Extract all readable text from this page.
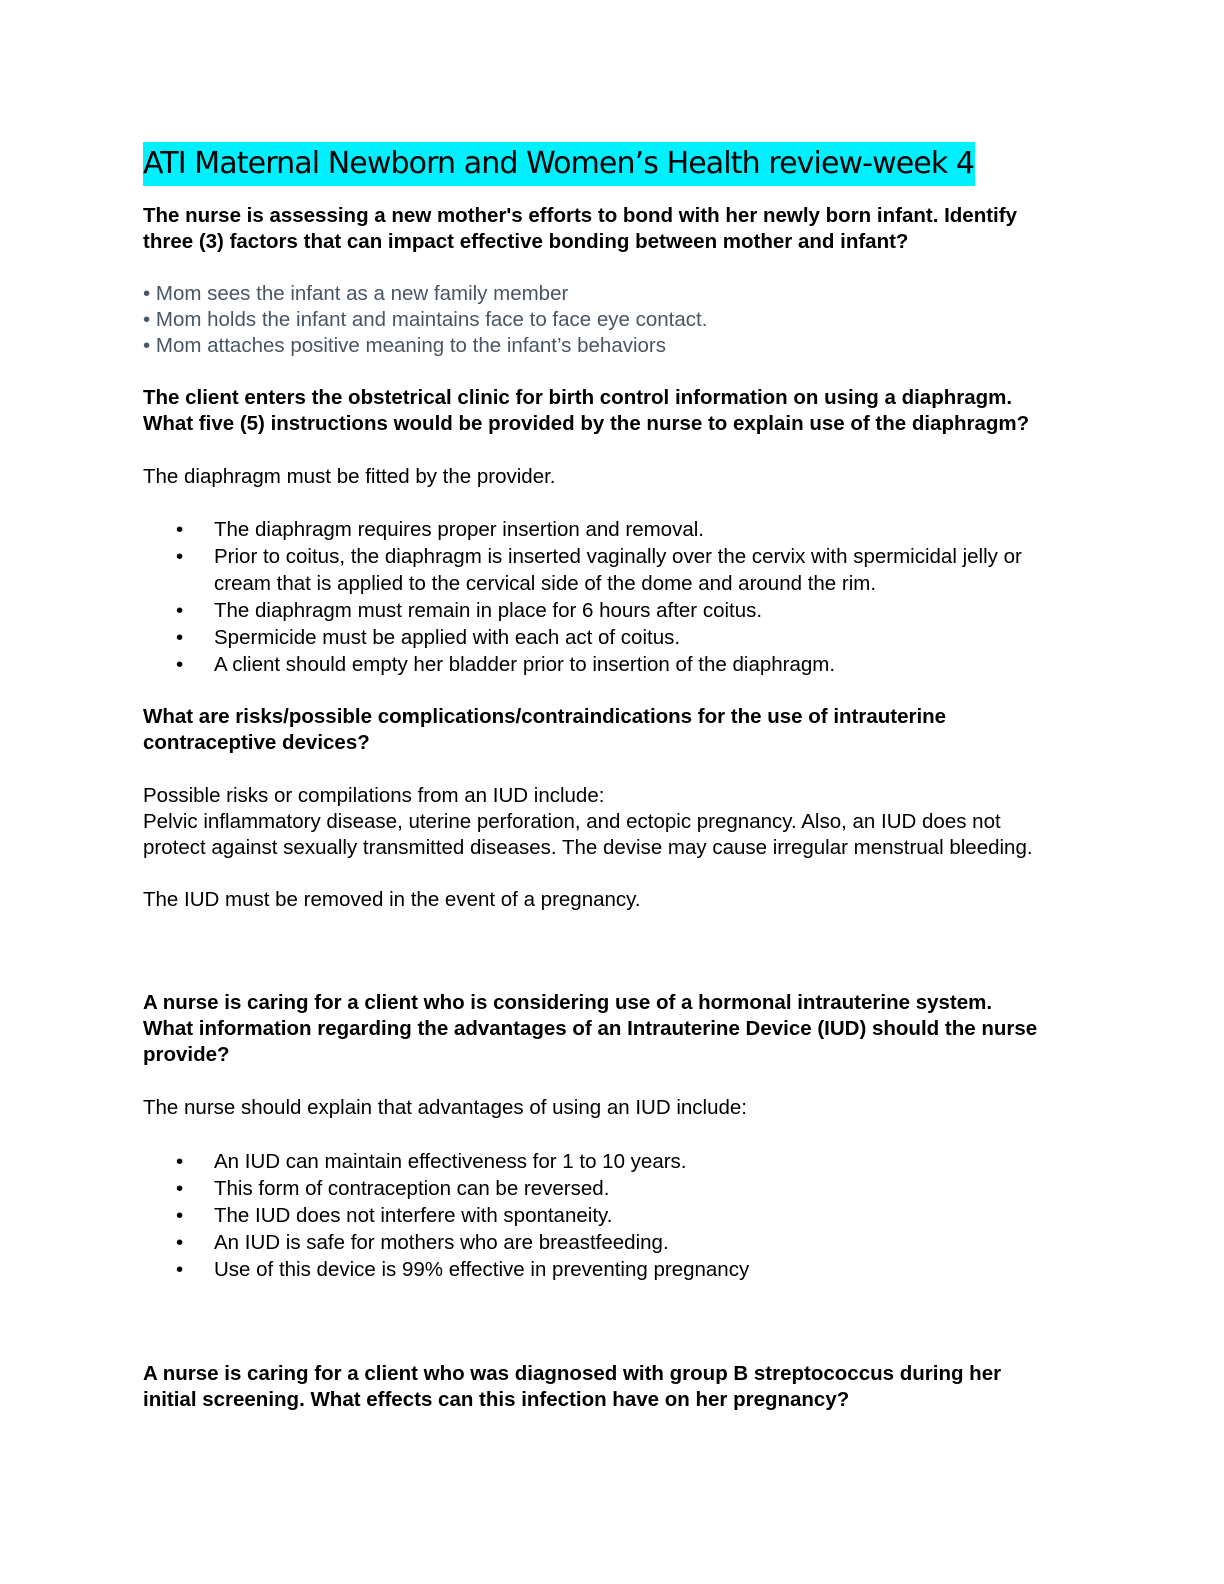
ATI Maternal Newborn and Women’s Health review-week 4

The nurse is assessing a new mother's efforts to bond with her newly born infant. Identify

three (3) factors that can impact effective bonding between mother and infant?

• Mom sees the infant as a new family member

• Mom holds the infant and maintains face to face eye contact.

• Mom attaches positive meaning to the infant’s behaviors

The client enters the obstetrical clinic for birth control information on using a diaphragm.

What five (5) instructions would be provided by the nurse to explain use of the diaphragm?

The diaphragm must be fitted by the provider.

• The diaphragm requires proper insertion and removal.
• Prior to coitus, the diaphragm is inserted vaginally over the cervix with spermicidal jelly or
cream that is applied to the cervical side of the dome and around the rim.
• The diaphragm must remain in place for 6 hours after coitus.
• Spermicide must be applied with each act of coitus.
• A client should empty her bladder prior to insertion of the diaphragm.

What are risks/possible complications/contraindications for the use of intrauterine

contraceptive devices?

Possible risks or compilations from an IUD include:

Pelvic inflammatory disease, uterine perforation, and ectopic pregnancy. Also, an IUD does not

protect against sexually transmitted diseases. The devise may cause irregular menstrual bleeding.

The IUD must be removed in the event of a pregnancy.

A nurse is caring for a client who is considering use of a hormonal intrauterine system.

What information regarding the advantages of an Intrauterine Device (IUD) should the nurse

provide?

The nurse should explain that advantages of using an IUD include:

• An IUD can maintain effectiveness for 1 to 10 years.
• This form of contraception can be reversed.
• The IUD does not interfere with spontaneity.
• An IUD is safe for mothers who are breastfeeding.
• Use of this device is 99% effective in preventing pregnancy

A nurse is caring for a client who was diagnosed with group B streptococcus during her

initial screening. What effects can this infection have on her pregnancy?
